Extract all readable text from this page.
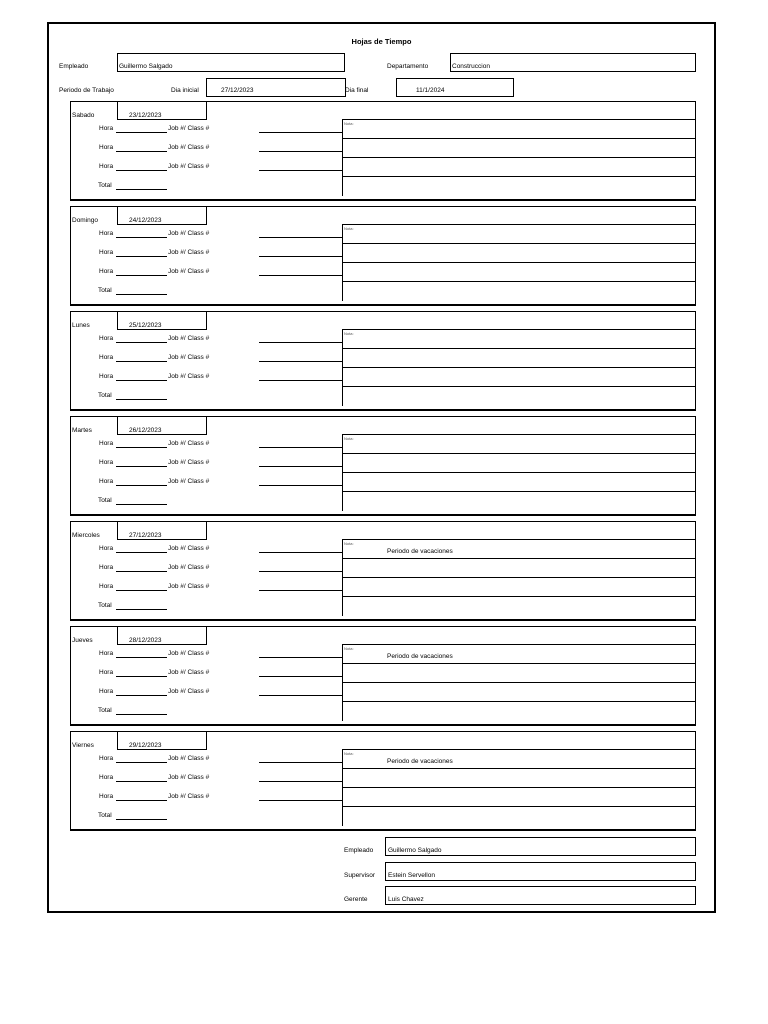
Hojas de Tiempo
Empleado	Guillermo Salgado	Departamento	Construccion
Periodo de Trabajo	Dia inicial	27/12/2023	Dia final	11/1/2024
Sabado	23/12/2023
Hora	Job #/ Class #
Hora	Job #/ Class #
Hora	Job #/ Class #
Total
Nota:
Domingo	24/12/2023
Hora	Job #/ Class #
Hora	Job #/ Class #
Hora	Job #/ Class #
Total
Nota:
Lunes	25/12/2023
Hora	Job #/ Class #
Hora	Job #/ Class #
Hora	Job #/ Class #
Total
Nota:
Martes	26/12/2023
Hora	Job #/ Class #
Hora	Job #/ Class #
Hora	Job #/ Class #
Total
Nota:
Miercoles	27/12/2023
Hora	Job #/ Class #
Hora	Job #/ Class #
Hora	Job #/ Class #
Total
Nota:
Periodo de vacaciones
Jueves	28/12/2023
Hora	Job #/ Class #
Hora	Job #/ Class #
Hora	Job #/ Class #
Total
Nota:
Periodo de vacaciones
Viernes	29/12/2023
Hora	Job #/ Class #
Hora	Job #/ Class #
Hora	Job #/ Class #
Total
Nota:
Periodo de vacaciones
Empleado Guillermo Salgado
Supervisor Estein Servellon
Gerente	Luis Chavez
